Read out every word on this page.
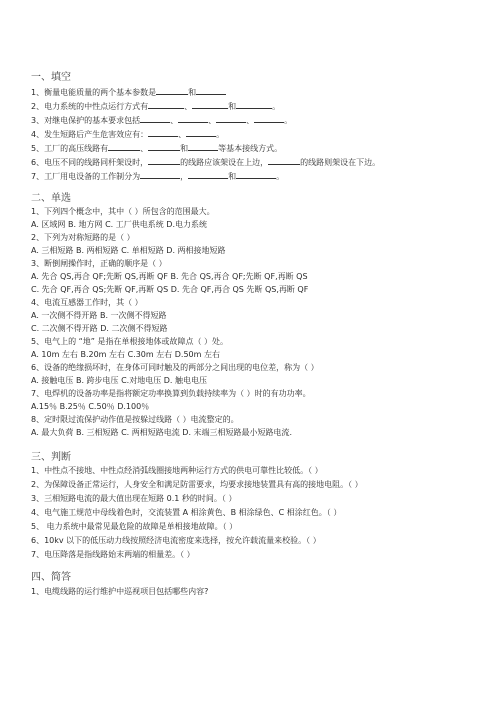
一、填空
1、衡量电能质量的两个基本参数是	和
2、电力系统的中性点运行方式有	、	和	。
3、对继电保护的基本要求包括	、	、	、	。
4、发生短路后产生危害效应有：	、	。
5、工厂的高压线路有	、	和	等基本接线方式。
6、电压不同的线路同杆架设时，	的线路应该架设在上边，	的线路则架设在下边。
7、工厂用电设备的工作制分为	，	和	。
二、单选
1、下列四个概念中，其中（ ）所包含的范围最大。
A. 区域网 B. 地方网 C. 工厂供电系统 D.电力系统
2、下列为对称短路的是（ ）
A. 三相短路 B. 两相短路 C. 单相短路 D. 两相接地短路
3、断倒闸操作时，正确的顺序是（ ）
A. 先合 QS,再合 QF;先断 QS,再断 QF B. 先合 QS,再合 QF;先断 QF,再断 QS
C. 先合 QF,再合 QS;先断 QF,再断 QS D. 先合 QF,再合 QS 先断 QS,再断 QF
4、电流互感器工作时，其（ ）
A. 一次侧不得开路 B. 一次侧不得短路
C. 二次侧不得开路 D. 二次侧不得短路
5、电气上的 “地” 是指在单根接地体或故障点（ ）处。
A. 10m 左右 B.20m 左右 C.30m 左右 D.50m 左右
6、设备的绝缘损坏时，在身体可同时触及的两部分之间出现的电位差，称为（ ）
A. 接触电压 B. 跨步电压 C.对地电压 D. 触电电压
7、电焊机的设备功率是指将额定功率换算到负载持续率为（ ）时的有功功率。
A.15％ B.25％ C.50％ D.100％
8、定时限过流保护动作值是按躲过线路（ ）电流整定的。
A. 最大负荷 B. 三相短路 C. 两相短路电流 D. 末端三相短路最小短路电流.
三、判断
1、中性点不接地、中性点经消弧线圈接地两种运行方式的供电可靠性比较低。（ ）
2、为保障设备正常运行，人身安全和满足防雷要求，均要求接地装置具有高的接地电阻。（ ）
3、三相短路电流的最大值出现在短路 0.1 秒的时间。（ ）
4、电气施工规范中母线着色时，交流装置 A 相涂黄色、B 相涂绿色、C 相涂红色。（ ）
5、 电力系统中最常见最危险的故障是单相接地故障。（ ）
6、10kv 以下的低压动力线按照经济电流密度来选择，按允许载流量来校验。（ ）
7、电压降落是指线路始末两端的相量差。（ ）
四、简答
1、电缆线路的运行维护中巡视项目包括哪些内容?
